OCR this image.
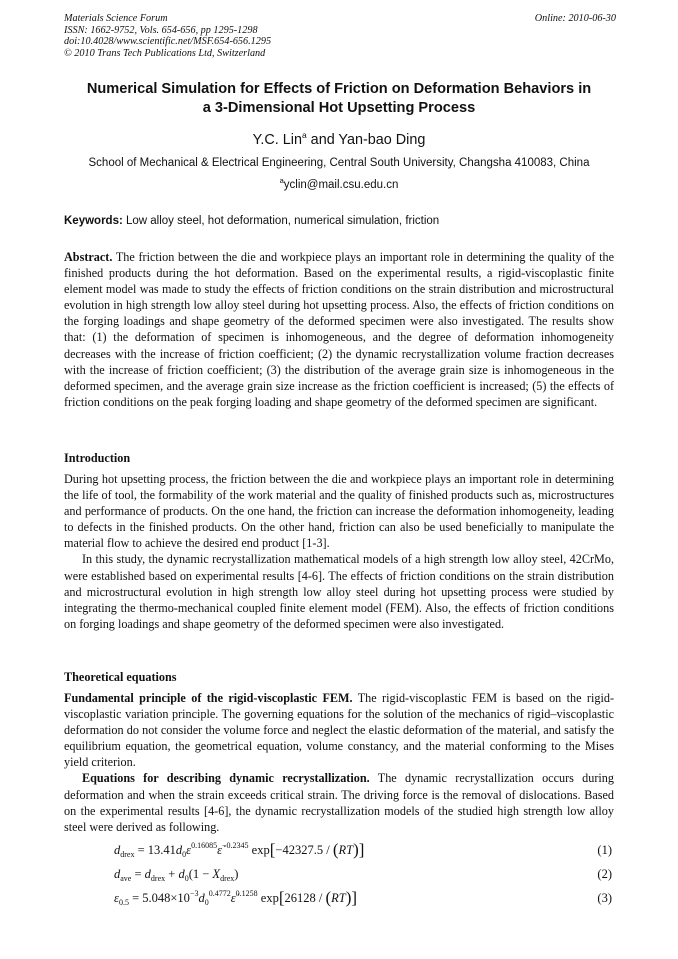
Materials Science Forum
ISSN: 1662-9752, Vols. 654-656, pp 1295-1298
doi:10.4028/www.scientific.net/MSF.654-656.1295
© 2010 Trans Tech Publications Ltd, Switzerland
Online: 2010-06-30
Numerical Simulation for Effects of Friction on Deformation Behaviors in
a 3-Dimensional Hot Upsetting Process
Y.C. Lin$^a$ and Yan-bao Ding
School of Mechanical & Electrical Engineering, Central South University, Changsha 410083, China
$^a$yclin@mail.csu.edu.cn
Keywords: Low alloy steel, hot deformation, numerical simulation, friction

Abstract. The friction between the die and workpiece plays an important role in determining the quality of the finished products during the hot deformation. Based on the experimental results, a rigid-viscoplastic finite element model was made to study the effects of friction conditions on the strain distribution and microstructural evolution in high strength low alloy steel during hot upsetting process. Also, the effects of friction conditions on the forging loadings and shape geometry of the deformed specimen were also investigated. The results show that: (1) the deformation of specimen is inhomogeneous, and the degree of deformation inhomogeneity decreases with the increase of friction coefficient; (2) the dynamic recrystallization volume fraction decreases with the increase of friction coefficient; (3) the distribution of the average grain size is inhomogeneous in the deformed specimen, and the average grain size increase as the friction coefficient is increased; (5) the effects of friction conditions on the peak forging loading and shape geometry of the deformed specimen are significant.

Introduction

During hot upsetting process, the friction between the die and workpiece plays an important role in determining the life of tool, the formability of the work material and the quality of finished products such as, microstructures and performance of products. On the one hand, the friction can increase the deformation inhomogeneity, leading to defects in the finished products. On the other hand, friction can also be used beneficially to manipulate the material flow to achieve the desired end product [1-3].

In this study, the dynamic recrystallization mathematical models of a high strength low alloy steel, 42CrMo, were established based on experimental results [4-6]. The effects of friction conditions on the strain distribution and microstructural evolution in high strength low alloy steel during hot upsetting process were studied by integrating the thermo-mechanical coupled finite element model (FEM). Also, the effects of friction conditions on forging loadings and shape geometry of the deformed specimen were also investigated.

Theoretical equations

Fundamental principle of the rigid-viscoplastic FEM. The rigid-viscoplastic FEM is based on the rigid-viscoplastic variation principle. The governing equations for the solution of the mechanics of rigid–viscoplastic deformation do not consider the volume force and neglect the elastic deformation of the material, and satisfy the equilibrium equation, the geometrical equation, volume constancy, and the material conforming to the Mises yield criterion.

Equations for describing dynamic recrystallization. The dynamic recrystallization occurs during deformation and when the strain exceeds critical strain. The driving force is the removal of dislocations. Based on the experimental results [4-6], the dynamic recrystallization models of the studied high strength low alloy steel were derived as following.

$d_{drex}$ = $13.41d_0\varepsilon^{0.16085}\varepsiloṅ^{-0.2345}$ exp[−42327.5 / (RT)]	(1)
$d_{ave} = d_{drex} + d_0(1 - X_{drex})$	(2)
$\varepsilon_{0.5}$ = $5.048\times 10^{-3}d_0^{0.4772}\varepsiloṅ^{0.1258}$ exp[26128 / (RT)]	(3)
